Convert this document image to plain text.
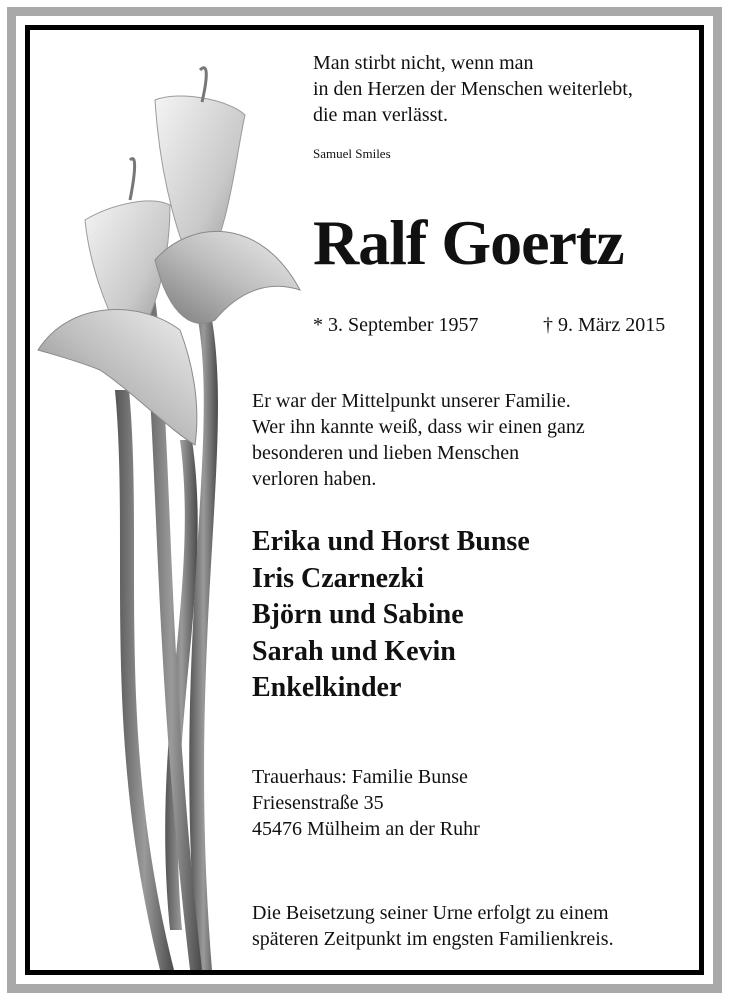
Man stirbt nicht, wenn man
in den Herzen der Menschen weiterlebt,
die man verlässt.
Samuel Smiles
Ralf Goertz
* 3. September 1957	† 9. März 2015
Er war der Mittelpunkt unserer Familie.
Wer ihn kannte weiß, dass wir einen ganz
besonderen und lieben Menschen
verloren haben.
Erika und Horst Bunse
Iris Czarnezki
Björn und Sabine
Sarah und Kevin
Enkelkinder
Trauerhaus: Familie Bunse
Friesenstraße 35
45476 Mülheim an der Ruhr
Die Beisetzung seiner Urne erfolgt zu einem
späteren Zeitpunkt im engsten Familienkreis.
